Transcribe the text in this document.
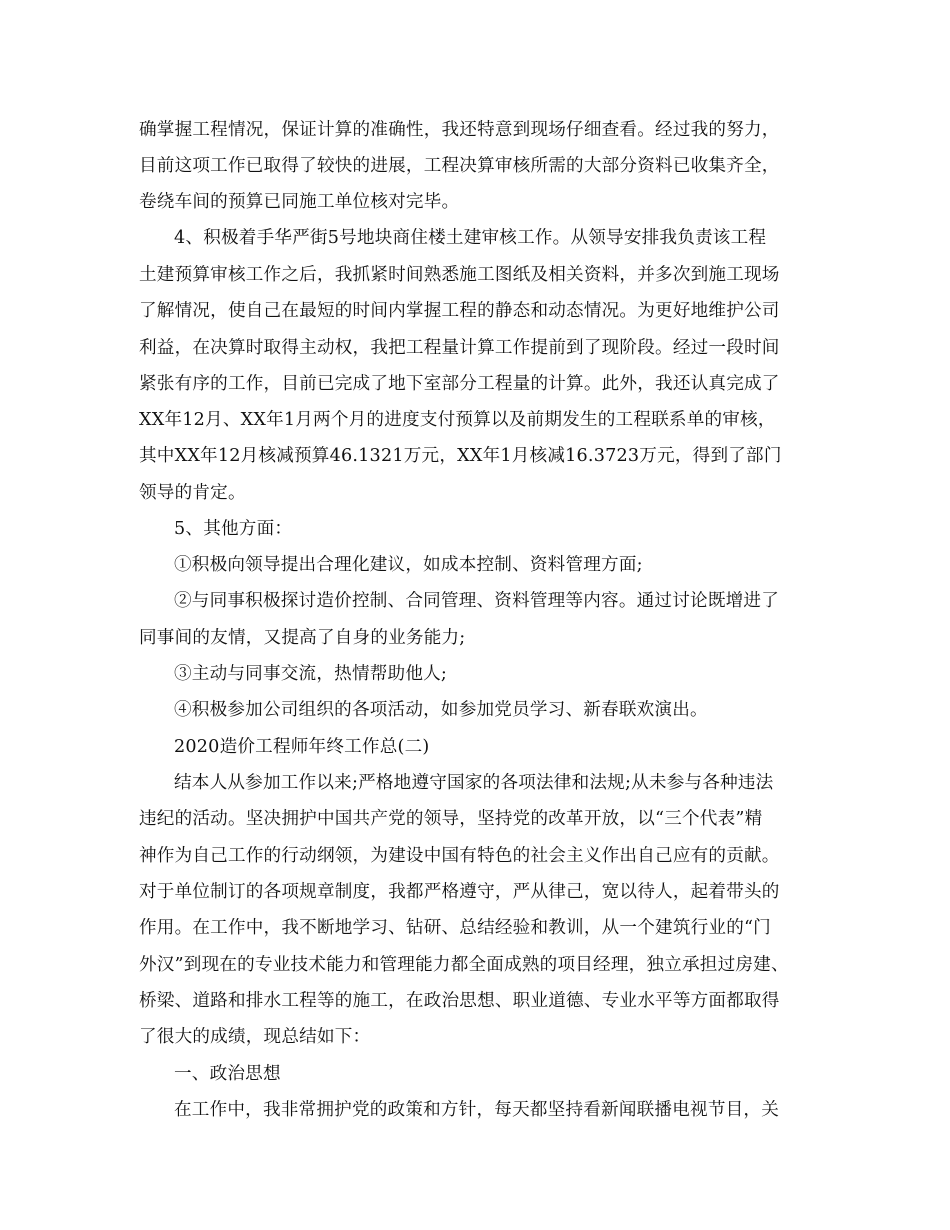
确掌握工程情况，保证计算的准确性，我还特意到现场仔细查看。经过我的努力，
目前这项工作已取得了较快的进展，工程决算审核所需的大部分资料已收集齐全，
卷绕车间的预算已同施工单位核对完毕。
4、积极着手华严街5号地块商住楼土建审核工作。从领导安排我负责该工程
土建预算审核工作之后，我抓紧时间熟悉施工图纸及相关资料，并多次到施工现场
了解情况，使自己在最短的时间内掌握工程的静态和动态情况。为更好地维护公司
利益，在决算时取得主动权，我把工程量计算工作提前到了现阶段。经过一段时间
紧张有序的工作，目前已完成了地下室部分工程量的计算。此外，我还认真完成了
XX年12月、XX年1月两个月的进度支付预算以及前期发生的工程联系单的审核，
其中XX年12月核减预算46.1321万元，XX年1月核减16.3723万元，得到了部门
领导的肯定。
5、其他方面：
①积极向领导提出合理化建议，如成本控制、资料管理方面;
②与同事积极探讨造价控制、合同管理、资料管理等内容。通过讨论既增进了
同事间的友情，又提高了自身的业务能力;
③主动与同事交流，热情帮助他人;
④积极参加公司组织的各项活动，如参加党员学习、新春联欢演出。
2020造价工程师年终工作总(二)
结本人从参加工作以来;严格地遵守国家的各项法律和法规;从未参与各种违法
违纪的活动。坚决拥护中国共产党的领导，坚持党的改革开放，以“三个代表”精
神作为自己工作的行动纲领，为建设中国有特色的社会主义作出自己应有的贡献。
对于单位制订的各项规章制度，我都严格遵守，严从律己，宽以待人，起着带头的
作用。在工作中，我不断地学习、钻研、总结经验和教训，从一个建筑行业的“门
外汉”到现在的专业技术能力和管理能力都全面成熟的项目经理，独立承担过房建、
桥梁、道路和排水工程等的施工，在政治思想、职业道德、专业水平等方面都取得
了很大的成绩，现总结如下：
一、政治思想
在工作中，我非常拥护党的政策和方针，每天都坚持看新闻联播电视节目，关
